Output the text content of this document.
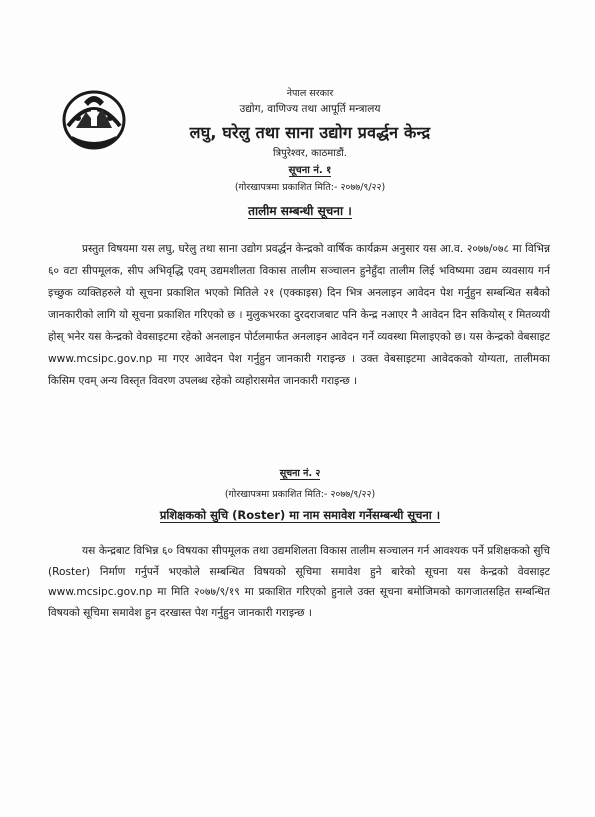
नेपाल सरकार
उद्योग, वाणिज्य तथा आपूर्ति मन्त्रालय
लघु, घरेलु तथा साना उद्योग प्रवर्द्धन केन्द्र
त्रिपुरेश्वर, काठमाडौं.
सूचना नं. १
(गोरखापत्रमा प्रकाशित मिति:- २०७७/९/२२)
तालीम सम्बन्धी सूचना ।

प्रस्तुत विषयमा यस लघु, घरेलु तथा साना उद्योग प्रवर्द्धन केन्द्रको वार्षिक कार्यक्रम अनुसार यस आ.व. २०७७/०७८ मा विभिन्न ६० वटा सीपमूलक, सीप अभिवृद्धि एवम् उद्यमशीलता विकास तालीम सञ्चालन हुनेहुँदा तालीम लिई भविष्यमा उद्यम व्यवसाय गर्न इच्छुक व्यक्तिहरुले यो सूचना प्रकाशित भएको मितिले २१ (एक्काइस) दिन भित्र अनलाइन आवेदन पेश गर्नुहुन सम्बन्धित सबैको जानकारीको लागि यो सूचना प्रकाशित गरिएको छ । मुलुकभरका दुरदराजबाट पनि केन्द्र नआएर नै आवेदन दिन सकियोस् र मितव्ययी होस् भनेर यस केन्द्रको वेवसाइटमा रहेको अनलाइन पोर्टलमार्फत अनलाइन आवेदन गर्ने व्यवस्था मिलाइएको छ। यस केन्द्रको वेबसाइट www.mcsipc.gov.np मा गएर आवेदन पेश गर्नुहुन जानकारी गराइन्छ । उक्त वेबसाइटमा आवेदकको योग्यता, तालीमका किसिम एवम् अन्य विस्तृत विवरण उपलब्ध रहेको व्यहोरासमेत जानकारी गराइन्छ ।

सूचना नं. २
(गोरखापत्रमा प्रकाशित मिति:- २०७७/९/२२)
प्रशिक्षकको सुचि (Roster) मा नाम समावेश गर्नेसम्बन्धी सूचना ।

यस केन्द्रबाट विभिन्न ६० विषयका सीपमूलक तथा उद्यमशिलता विकास तालीम सञ्चालन गर्न आवश्यक पर्ने प्रशिक्षकको सुचि (Roster) निर्माण गर्नुपर्ने भएकोले सम्बन्धित विषयको सूचिमा समावेश हुने बारेको सूचना यस केन्द्रको वेवसाइट www.mcsipc.gov.np मा मिति २०७७/९/१९ मा प्रकाशित गरिएको हुनाले उक्त सूचना बमोजिमको कागजातसहित सम्बन्धित विषयको सूचिमा समावेश हुन दरखास्त पेश गर्नुहुन जानकारी गराइन्छ ।
